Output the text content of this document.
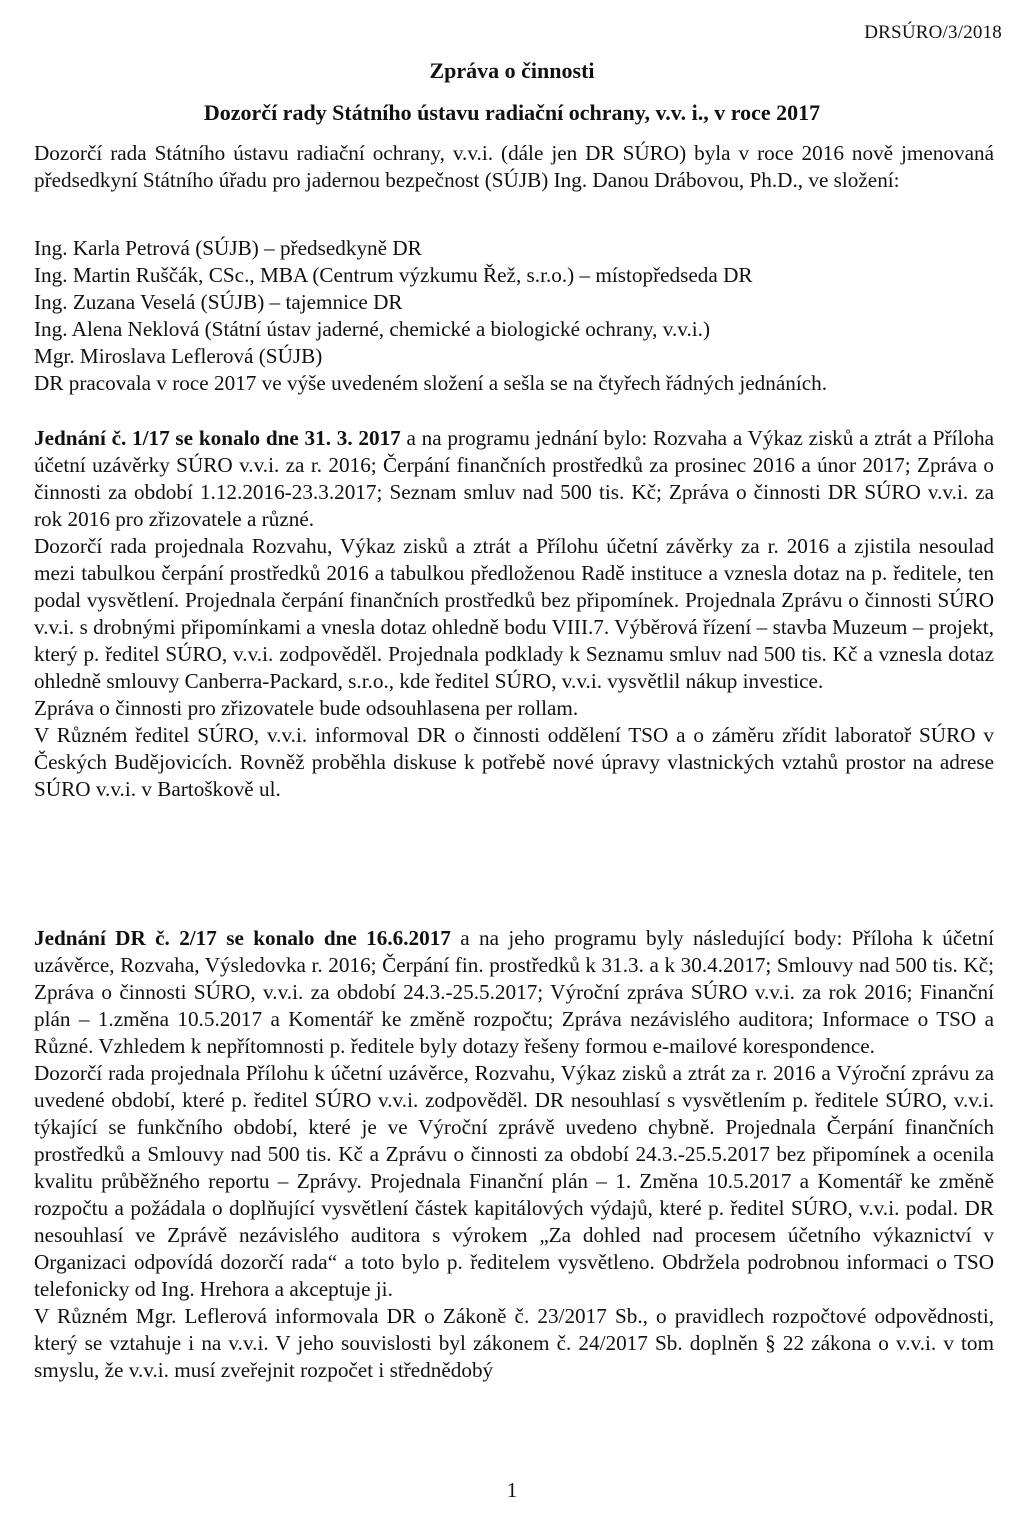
DRSÚRO/3/2018
Zpráva o činnosti
Dozorčí rady Státního ústavu radiační ochrany, v.v. i., v roce 2017

Dozorčí rada Státního ústavu radiační ochrany, v.v.i. (dále jen DR SÚRO) byla v roce 2016 nově jmenovaná předsedkyní Státního úřadu pro jadernou bezpečnost (SÚJB) Ing. Danou Drábovou, Ph.D., ve složení:

Ing. Karla Petrová (SÚJB) – předsedkyně DR

Ing. Martin Ruščák, CSc., MBA (Centrum výzkumu Řež, s.r.o.) – místopředseda DR

Ing. Zuzana Veselá (SÚJB) – tajemnice DR

Ing. Alena Neklová (Státní ústav jaderné, chemické a biologické ochrany, v.v.i.)

Mgr. Miroslava Leflerová (SÚJB)

DR pracovala v roce 2017 ve výše uvedeném složení a sešla se na čtyřech řádných jednáních.

Jednání č. 1/17 se konalo dne 31. 3. 2017 a na programu jednání bylo: Rozvaha a Výkaz zisků a ztrát a Příloha účetní uzávěrky SÚRO v.v.i. za r. 2016; Čerpání finančních prostředků za prosinec 2016 a únor 2017; Zpráva o činnosti za období 1.12.2016-23.3.2017; Seznam smluv nad 500 tis. Kč; Zpráva o činnosti DR SÚRO v.v.i. za rok 2016 pro zřizovatele a různé.

Dozorčí rada projednala Rozvahu, Výkaz zisků a ztrát a Přílohu účetní závěrky za r. 2016 a zjistila nesoulad mezi tabulkou čerpání prostředků 2016 a tabulkou předloženou Radě instituce a vznesla dotaz na p. ředitele, ten podal vysvětlení. Projednala čerpání finančních prostředků bez připomínek. Projednala Zprávu o činnosti SÚRO v.v.i. s drobnými připomínkami a vnesla dotaz ohledně bodu VIII.7. Výběrová řízení – stavba Muzeum – projekt, který p. ředitel SÚRO, v.v.i. zodpověděl. Projednala podklady k Seznamu smluv nad 500 tis. Kč a vznesla dotaz ohledně smlouvy Canberra-Packard, s.r.o., kde ředitel SÚRO, v.v.i. vysvětlil nákup investice.

Zpráva o činnosti pro zřizovatele bude odsouhlasena per rollam.

V Různém ředitel SÚRO, v.v.i. informoval DR o činnosti oddělení TSO a o záměru zřídit laboratoř SÚRO v Českých Budějovicích. Rovněž proběhla diskuse k potřebě nové úpravy vlastnických vztahů prostor na adrese SÚRO v.v.i. v Bartoškově ul.

Jednání DR č. 2/17 se konalo dne 16.6.2017 a na jeho programu byly následující body: Příloha k účetní uzávěrce, Rozvaha, Výsledovka r. 2016; Čerpání fin. prostředků k 31.3. a k 30.4.2017; Smlouvy nad 500 tis. Kč; Zpráva o činnosti SÚRO, v.v.i. za období 24.3.-25.5.2017; Výroční zpráva SÚRO v.v.i. za rok 2016; Finanční plán – 1.změna 10.5.2017 a Komentář ke změně rozpočtu; Zpráva nezávislého auditora; Informace o TSO a Různé. Vzhledem k nepřítomnosti p. ředitele byly dotazy řešeny formou e-mailové korespondence.

Dozorčí rada projednala Přílohu k účetní uzávěrce, Rozvahu, Výkaz zisků a ztrát za r. 2016 a Výroční zprávu za uvedené období, které p. ředitel SÚRO v.v.i. zodpověděl. DR nesouhlasí s vysvětlením p. ředitele SÚRO, v.v.i. týkající se funkčního období, které je ve Výroční zprávě uvedeno chybně. Projednala Čerpání finančních prostředků a Smlouvy nad 500 tis. Kč a Zprávu o činnosti za období 24.3.-25.5.2017 bez připomínek a ocenila kvalitu průběžného reportu – Zprávy. Projednala Finanční plán – 1. Změna 10.5.2017 a Komentář ke změně rozpočtu a požádala o doplňující vysvětlení částek kapitálových výdajů, které p. ředitel SÚRO, v.v.i. podal. DR nesouhlasí ve Zprávě nezávislého auditora s výrokem „Za dohled nad procesem účetního výkaznictví v Organizaci odpovídá dozorčí rada“ a toto bylo p. ředitelem vysvětleno. Obdržela podrobnou informaci o TSO telefonicky od Ing. Hrehora a akceptuje ji.

V Různém Mgr. Leflerová informovala DR o Zákoně č. 23/2017 Sb., o pravidlech rozpočtové odpovědnosti, který se vztahuje i na v.v.i. V jeho souvislosti byl zákonem č. 24/2017 Sb. doplněn § 22 zákona o v.v.i. v tom smyslu, že v.v.i. musí zveřejnit rozpočet i střednědobý

1
